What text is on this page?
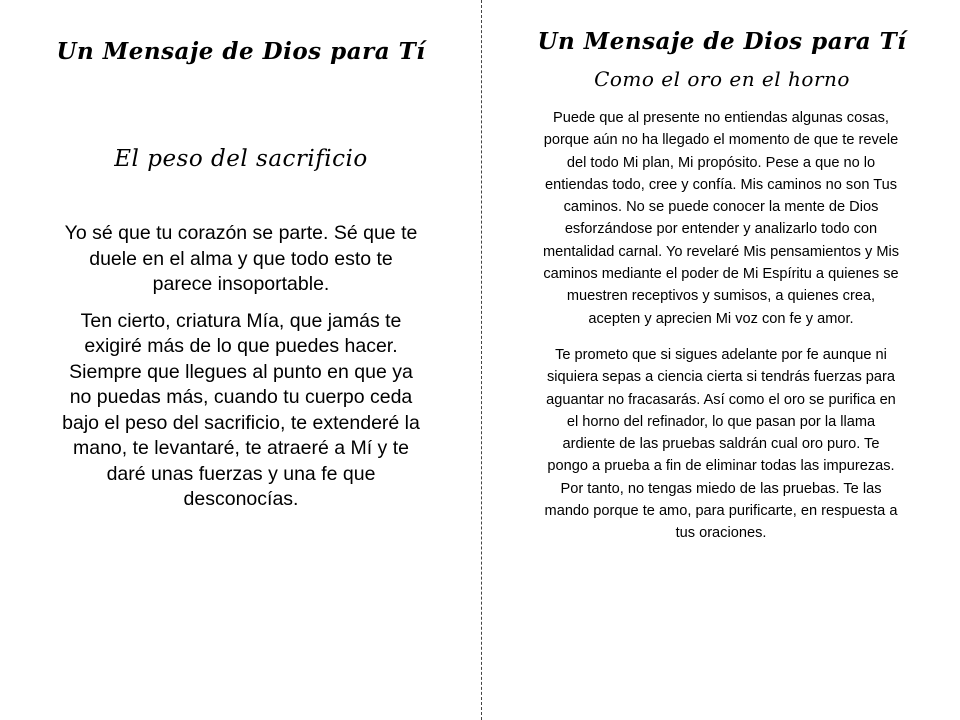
Un Mensaje de Dios para Tí
El peso del sacrificio

Yo sé que tu corazón se parte. Sé que te duele en el alma y que todo esto te parece insoportable.

Ten cierto, criatura Mía, que jamás te exigiré más de lo que puedes hacer. Siempre que llegues al punto en que ya no puedas más, cuando tu cuerpo ceda bajo el peso del sacrificio, te extenderé la mano, te levantaré, te atraeré a Mí y te daré unas fuerzas y una fe que desconocías.

Un Mensaje de Dios para Tí
Como el oro en el horno

Puede que al presente no entiendas algunas cosas, porque aún no ha llegado el momento de que te revele del todo Mi plan, Mi propósito. Pese a que no lo entiendas todo, cree y confía. Mis caminos no son Tus caminos. No se puede conocer la mente de Dios esforzándose por entender y analizarlo todo con mentalidad carnal. Yo revelaré Mis pensamientos y Mis caminos mediante el poder de Mi Espíritu a quienes se muestren receptivos y sumisos, a quienes crea, acepten y aprecien Mi voz con fe y amor.

Te prometo que si sigues adelante por fe aunque ni siquiera sepas a ciencia cierta si tendrás fuerzas para aguantar no fracasarás. Así como el oro se purifica en el horno del refinador, lo que pasan por la llama ardiente de las pruebas saldrán cual oro puro. Te pongo a prueba a fin de eliminar todas las impurezas. Por tanto, no tengas miedo de las pruebas. Te las mando porque te amo, para purificarte, en respuesta a tus oraciones.
